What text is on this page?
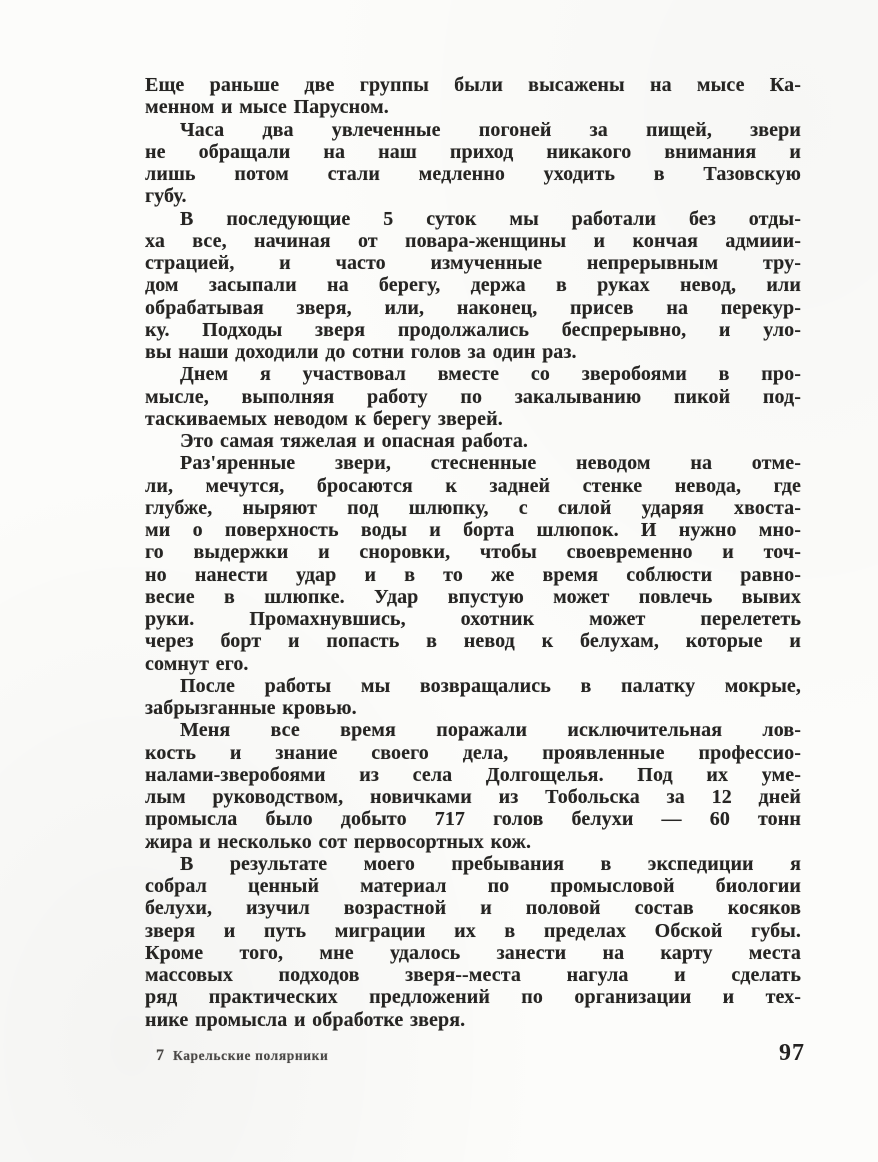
Еще раньше две группы были высажены на мысе Ка-
менном и мысе Парусном.
Часа два увлеченные погоней за пищей, звери
не обращали на наш приход никакого внимания и
лишь потом стали медленно уходить в Тазовскую
губу.
В последующие 5 суток мы работали без отды-
ха все, начиная от повара-женщины и кончая адмиии-
страцией, и часто измученные непрерывным тру-
дом засыпали на берегу, держа в руках невод, или
обрабатывая зверя, или, наконец, присев на перекур-
ку. Подходы зверя продолжались беспрерывно, и уло-
вы наши доходили до сотни голов за один раз.
Днем я участвовал вместе со зверобоями в про-
мысле, выполняя работу по закалыванию пикой под-
таскиваемых неводом к берегу зверей.
Это самая тяжелая и опасная работа.
Раз'яренные звери, стесненные неводом на отме-
ли, мечутся, бросаются к задней стенке невода, где
глубже, ныряют под шлюпку, с силой ударяя хвоста-
ми о поверхность воды и борта шлюпок. И нужно мно-
го выдержки и сноровки, чтобы своевременно и точ-
но нанести удар и в то же время соблюсти равно-
весие в шлюпке. Удар впустую может повлечь вывих
руки. Промахнувшись, охотник может перелететь
через борт и попасть в невод к белухам, которые и
сомнут его.
После работы мы возвращались в палатку мокрые,
забрызганные кровью.
Меня все время поражали исключительная лов-
кость и знание своего дела, проявленные профессио-
налами-зверобоями из села Долгощелья. Под их уме-
лым руководством, новичками из Тобольска за 12 дней
промысла было добыто 717 голов белухи — 60 тонн
жира и несколько сот первосортных кож.
В результате моего пребывания в экспедиции я
собрал ценный материал по промысловой биологии
белухи, изучил возрастной и половой состав косяков
зверя и путь миграции их в пределах Обской губы.
Кроме того, мне удалось занести на карту места
массовых подходов зверя--места нагула и сделать
ряд практических предложений по организации и тех-
нике промысла и обработке зверя.
7 Карельские полярники	97
